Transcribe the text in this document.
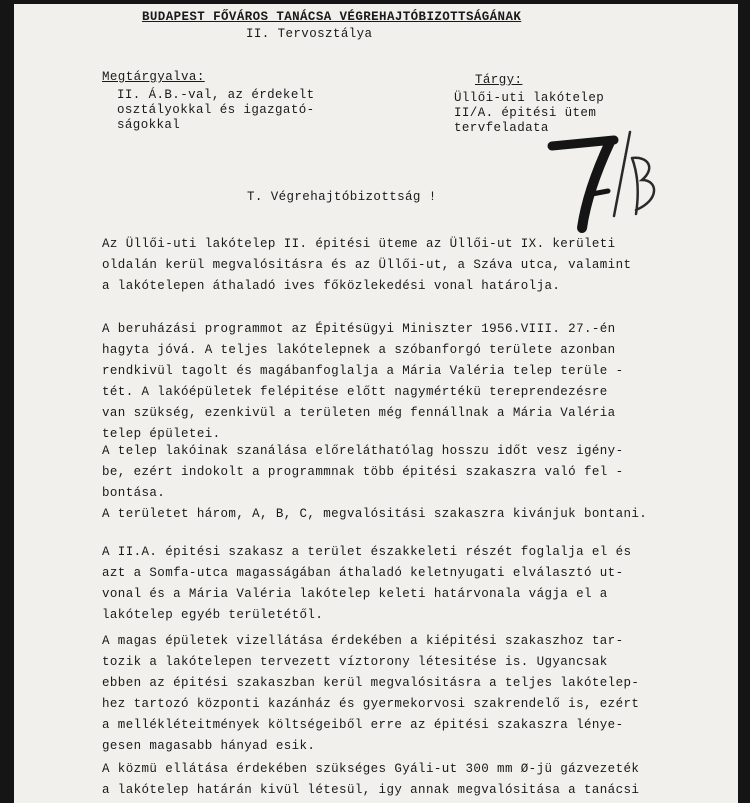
BUDAPEST FŐVÁROS TANÁCSA VÉGREHAJTÓBIZOTTSÁGÁNAK
II. Tervosztálya
Megtárgyalva:
II. Á.B.-val, az érdekelt
osztályokkal és igazgató-
ságokkal
Tárgy:
Üllői-uti lakótelep
II/A. épitési ütem
tervfeladata
T. Végrehajtóbizottság !
Az Üllői-uti lakótelep II. épitési üteme az Üllői-ut IX. kerületi
oldalán kerül megvalósitásra és az Üllői-ut, a Száva utca, valamint
a lakótelepen áthaladó ives főközlekedési vonal határolja.
A beruházási programmot az Épitésügyi Miniszter 1956.VIII. 27.-én
hagyta jóvá. A teljes lakótelepnek a szóbanforgó területe azonban
rendkivül tagolt és magábanfoglalja a Mária Valéria telep terüle -
tét. A lakóépületek felépitése előtt nagymértékü tereprendezésre
van szükség, ezenkivül a területen még fennállnak a Mária Valéria
telep épületei.
A telep lakóinak szanálása előreláthatólag hosszu időt vesz igény-
be, ezért indokolt a programmnak több épitési szakaszra való fel -
bontása.
A területet három, A, B, C, megvalósitási szakaszra kivánjuk bontani.
A II.A. épitési szakasz a terület északkeleti részét foglalja el és
azt a Somfa-utca magasságában áthaladó keletnyugati elválasztó ut-
vonal és a Mária Valéria lakótelep keleti határvonala vágja el a
lakótelep egyéb területétől.
A magas épületek vizellátása érdekében a kiépitési szakaszhoz tar-
tozik a lakótelepen tervezett víztorony létesitése is. Ugyancsak
ebben az épitési szakaszban kerül megvalósitásra a teljes lakótelep-
hez tartozó központi kazánház és gyermekorvosi szakrendelő is, ezért
a mellékléteitmények költségeiből erre az épitési szakaszra lénye-
gesen magasabb hányad esik.
A közmü ellátása érdekében szükséges Gyáli-ut 300 mm Ø-jü gázvezeték
a lakótelep határán kivül létesül, igy annak megvalósitása a tanácsi
